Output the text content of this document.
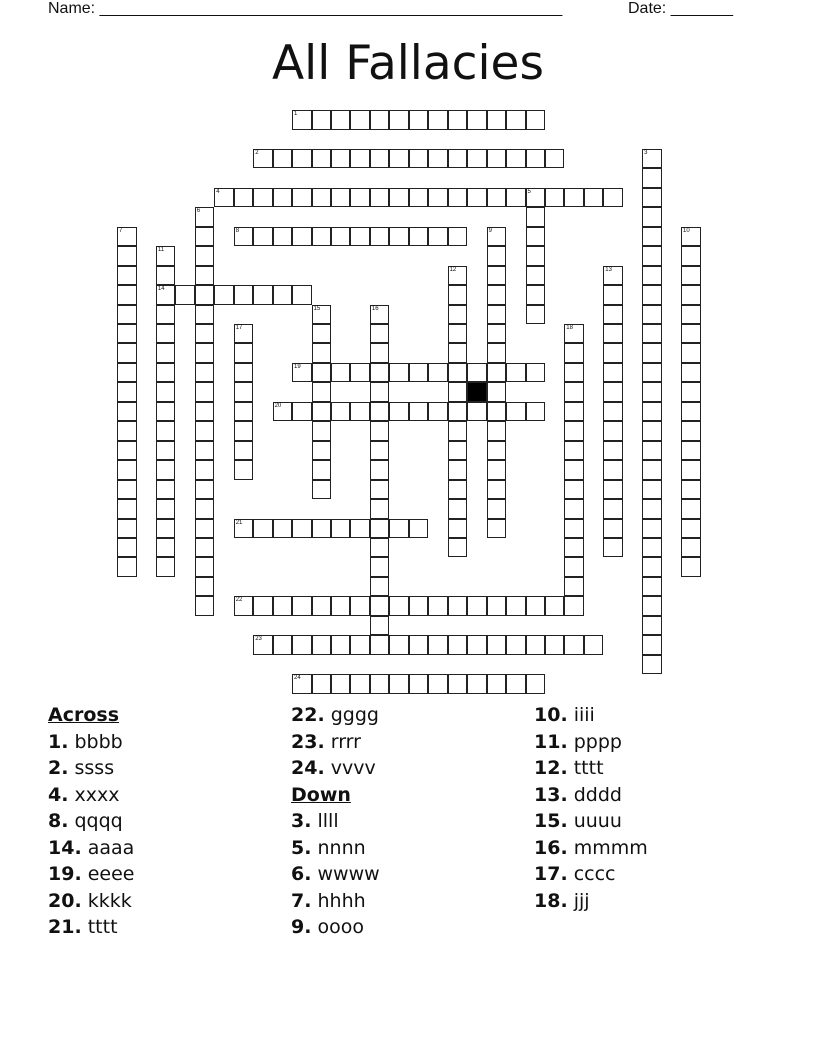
Name: ____________________________________________________	Date: _______
All Fallacies
1
2	3
4	5
6
7	8	9	10
11
14
12	13
15	16
17	18
19
20
21
22
23
24
Across
1. bbbb
2. ssss
4. xxxx
8. qqqq
14. aaaa
19. eeee
20. kkkk
21. tttt
22. gggg
23. rrrr
24. vvvv
Down
3. llll
5. nnnn
6. wwww
7. hhhh
9. oooo
10. iiii
11. pppp
12. tttt
13. dddd
15. uuuu
16. mmmm
17. cccc
18. jjj
